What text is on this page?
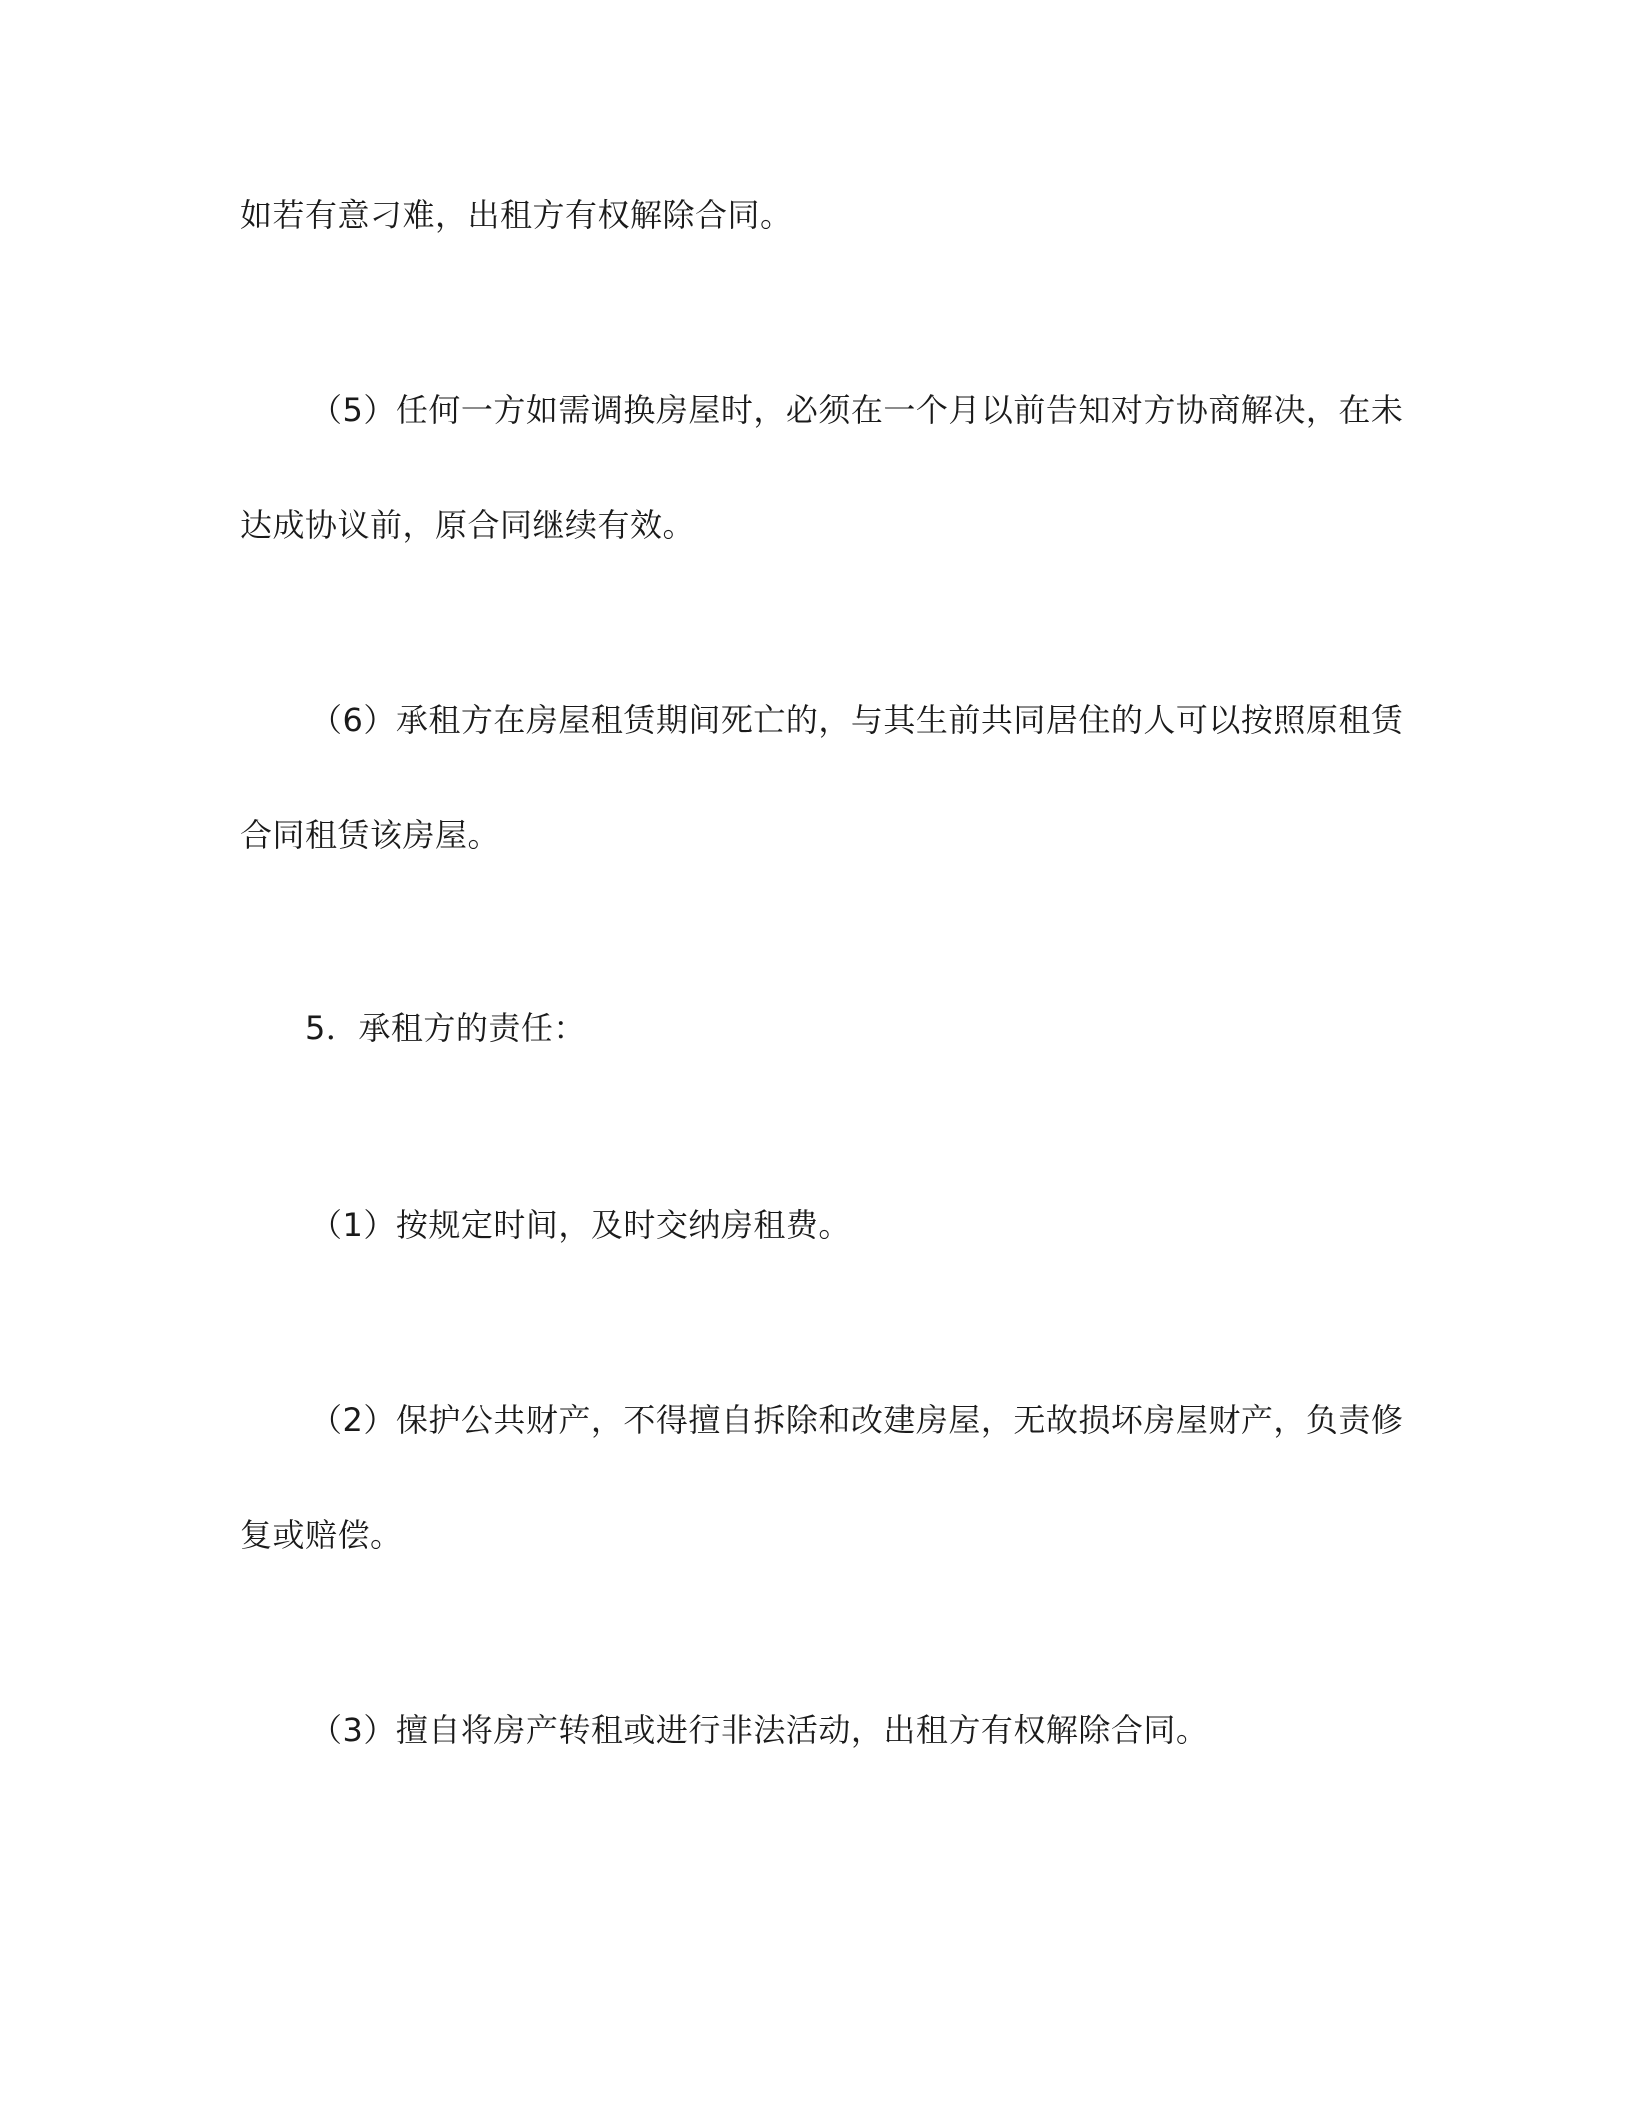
如若有意刁难，出租方有权解除合同。
（5）任何一方如需调换房屋时，必须在一个月以前告知对方协商解决，在未
达成协议前，原合同继续有效。
（6）承租方在房屋租赁期间死亡的，与其生前共同居住的人可以按照原租赁
合同租赁该房屋。
5．承租方的责任：
（1）按规定时间，及时交纳房租费。
（2）保护公共财产，不得擅自拆除和改建房屋，无故损坏房屋财产，负责修
复或赔偿。
（3）擅自将房产转租或进行非法活动，出租方有权解除合同。
